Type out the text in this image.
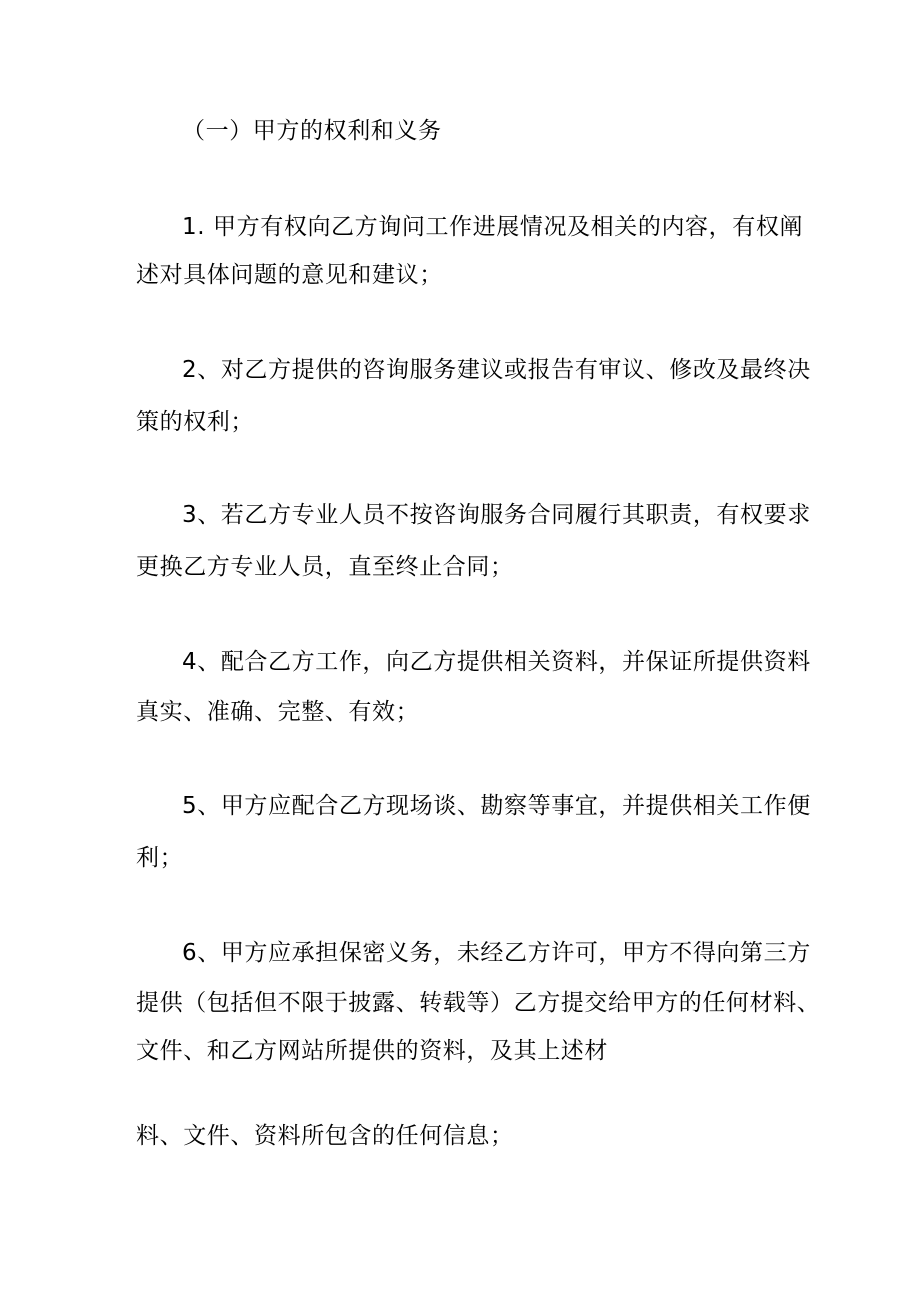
（一）甲方的权利和义务
1. 甲方有权向乙方询问工作进展情况及相关的内容，有权阐
述对具体问题的意见和建议；
2、对乙方提供的咨询服务建议或报告有审议、修改及最终决
策的权利；
3、若乙方专业人员不按咨询服务合同履行其职责，有权要求
更换乙方专业人员，直至终止合同；
4、配合乙方工作，向乙方提供相关资料，并保证所提供资料
真实、准确、完整、有效；
5、甲方应配合乙方现场谈、勘察等事宜，并提供相关工作便
利；
6、甲方应承担保密义务，未经乙方许可，甲方不得向第三方
提供（包括但不限于披露、转载等）乙方提交给甲方的任何材料、
文件、和乙方网站所提供的资料，及其上述材
料、文件、资料所包含的任何信息；
